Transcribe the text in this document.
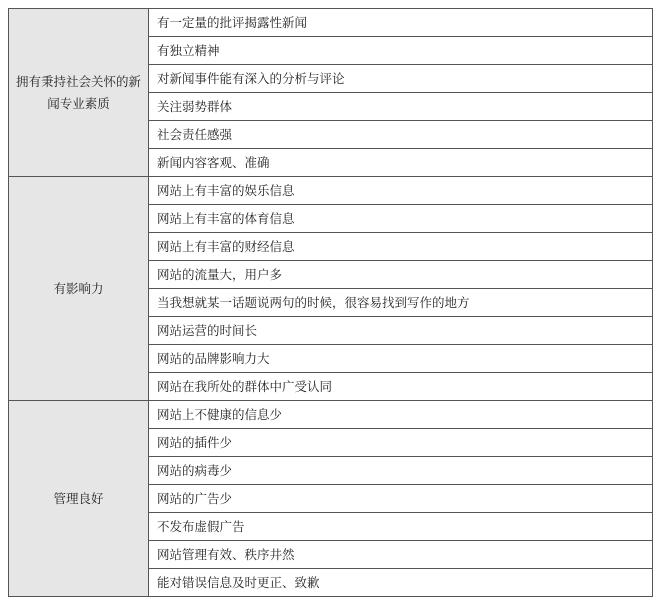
拥有秉持社会关怀的新闻专业素质	有一定量的批评揭露性新闻
	有独立精神
	对新闻事件能有深入的分析与评论
	关注弱势群体
	社会责任感强
	新闻内容客观、准确
有影响力	网站上有丰富的娱乐信息
	网站上有丰富的体育信息
	网站上有丰富的财经信息
	网站的流量大，用户多
	当我想就某一话题说两句的时候，很容易找到写作的地方
	网站运营的时间长
	网站的品牌影响力大
	网站在我所处的群体中广受认同
管理良好	网站上不健康的信息少
	网站的插件少
	网站的病毒少
	网站的广告少
	不发布虚假广告
	网站管理有效、秩序井然
	能对错误信息及时更正、致歉
